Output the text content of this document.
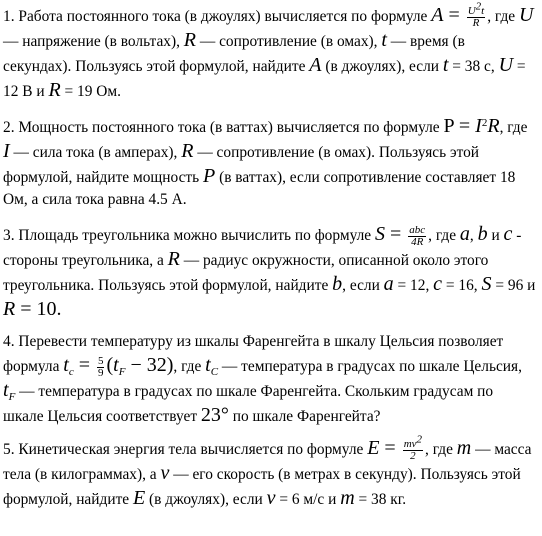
1. Работа постоянного тока (в джоулях) вычисляется по формуле $A = \frac{U^2t}{R}$ , где U — напряжение (в вольтах), R — сопротивление (в омах), t — время (в секундах). Пользуясь этой формулой, найдите A (в джоулях), если t = 38 с, U = 12 В и R = 19 Ом.
2. Мощность постоянного тока (в ваттах) вычисляется по формуле $P = I^2R$, где I — сила тока (в амперах), R — сопротивление (в омах). Пользуясь этой формулой, найдите мощность P (в ваттах), если сопротивление составляет 18 Ом, а сила тока равна 4.5 А.
3. Площадь треугольника можно вычислить по формуле $S = \frac{\text{abc}}{4R}$ , где a, b и c - стороны треугольника, а R — радиус окружности, описанной около этого треугольника. Пользуясь этой формулой, найдите b, если a = 12, c = 16, S = 96 и R = 10.
4. Перевести температуру из шкалы Фаренгейта в шкалу Цельсия позволяет формула $t_c = \frac{5}{9} (t_F - 32)$, где $t_C$ — температура в градусах по шкале Цельсия, $t_F$ — температура в градусах по шкале Фаренгейта. Скольким градусам по шкале Цельсия соответствует 23° по шкале Фаренгейта?
5. Кинетическая энергия тела вычисляется по формуле $E = \frac{mv^2}{2}$ , где m — масса тела (в килограммах), а v — его скорость (в метрах в секунду). Пользуясь этой формулой, найдите E (в джоулях), если v = 6 м/с и m = 38 кг.
